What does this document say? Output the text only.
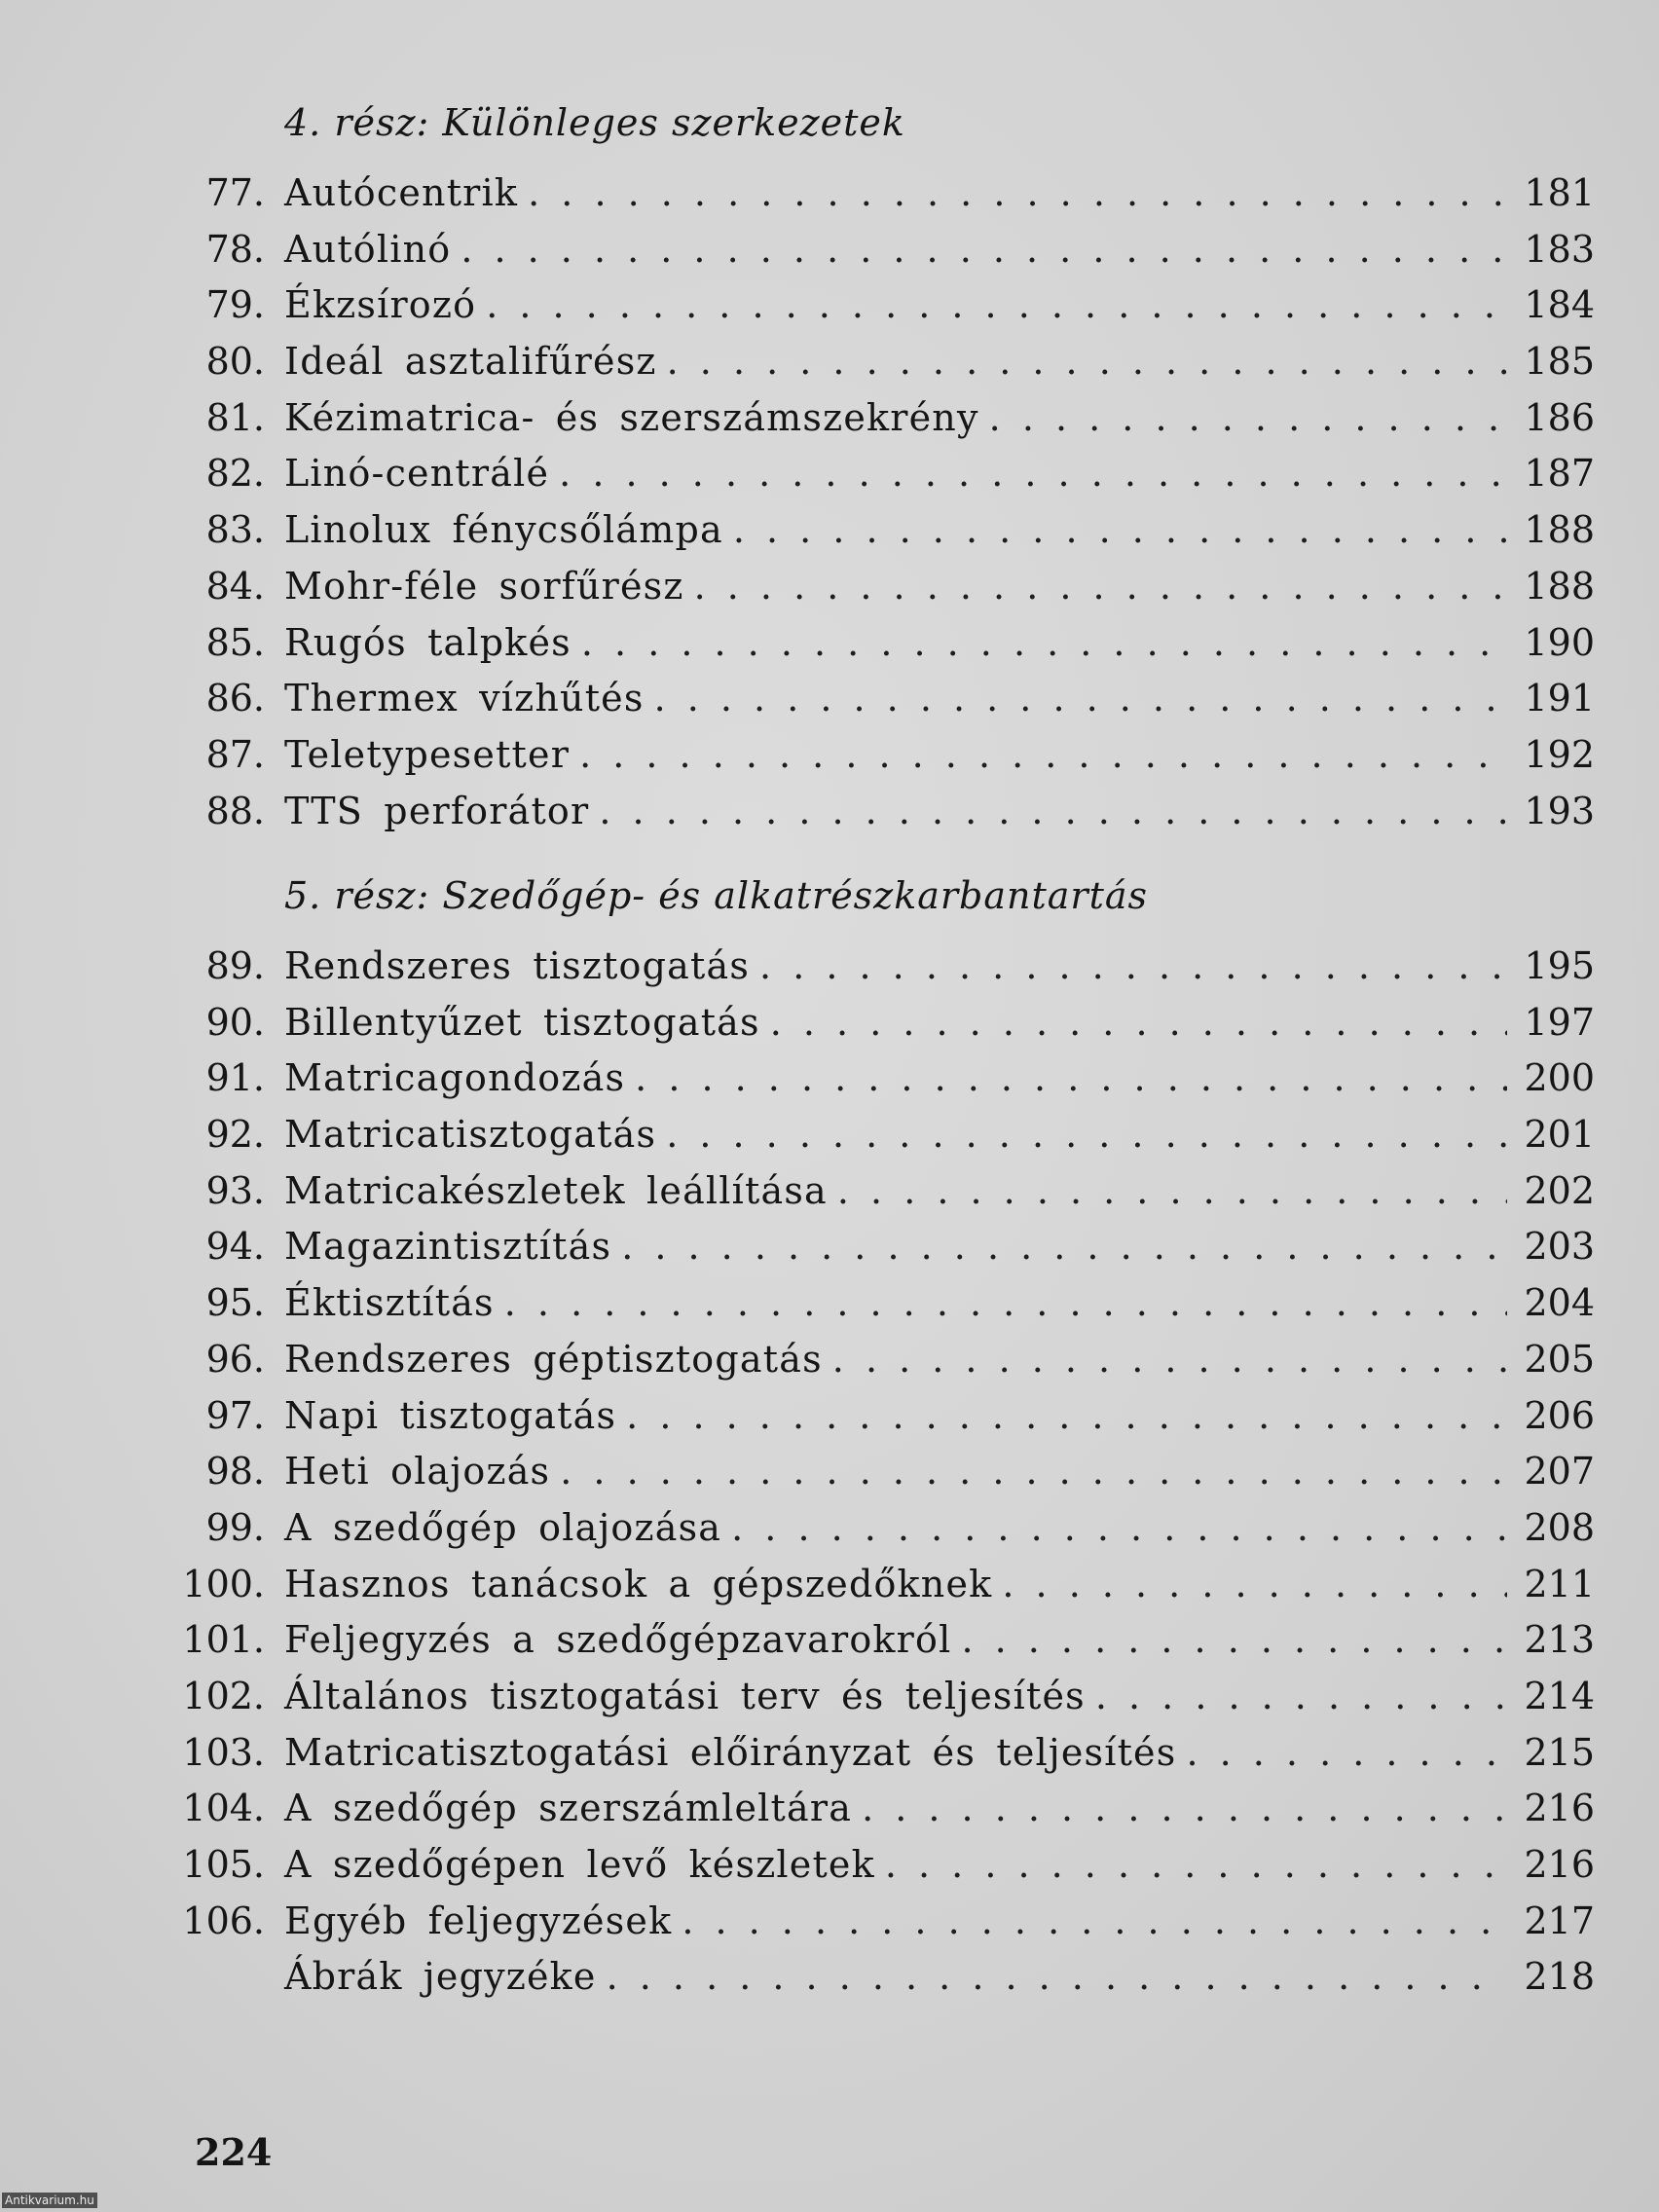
4. rész: Különleges szerkezetek
77. Autócentrik . . .	181
78. Autólinó . . .	183
79. Ékzsírozó . . .	184
80. Ideál asztalifűrész . . .	185
81. Kézimatrica- és szerszámszekrény . . .	186
82. Linó-centrálé . . .	187
83. Linolux fénycsőlámpa . . .	188
84. Mohr-féle sorfűrész . . .	188
85. Rugós talpkés . . .	190
86. Thermex vízhűtés . . .	191
87. Teletypesetter . . .	192
88. TTS perforátor . . .	193
5. rész: Szedőgép- és alkatrészkarbantartás
89. Rendszeres tisztogatás . . .	195
90. Billentyűzet tisztogatás . . .	197
91. Matricagondozás . . .	200
92. Matricatisztogatás . . .	201
93. Matricakészletek leállítása . . .	202
94. Magazintisztítás . . .	203
95. Éktisztítás . . .	204
96. Rendszeres géptisztogatás . . .	205
97. Napi tisztogatás . . .	206
98. Heti olajozás . . .	207
99. A szedőgép olajozása . . .	208
100. Hasznos tanácsok a gépszedőknek . . .	211
101. Feljegyzés a szedőgépzavarokról . . .	213
102. Általános tisztogatási terv és teljesítés . . .	214
103. Matricatisztogatási előirányzat és teljesítés . . .	215
104. A szedőgép szerszámleltára . . .	216
105. A szedőgépen levő készletek . . .	216
106. Egyéb feljegyzések . . .	217
Ábrák jegyzéke . . .	218
224
Antikvarium.hu
